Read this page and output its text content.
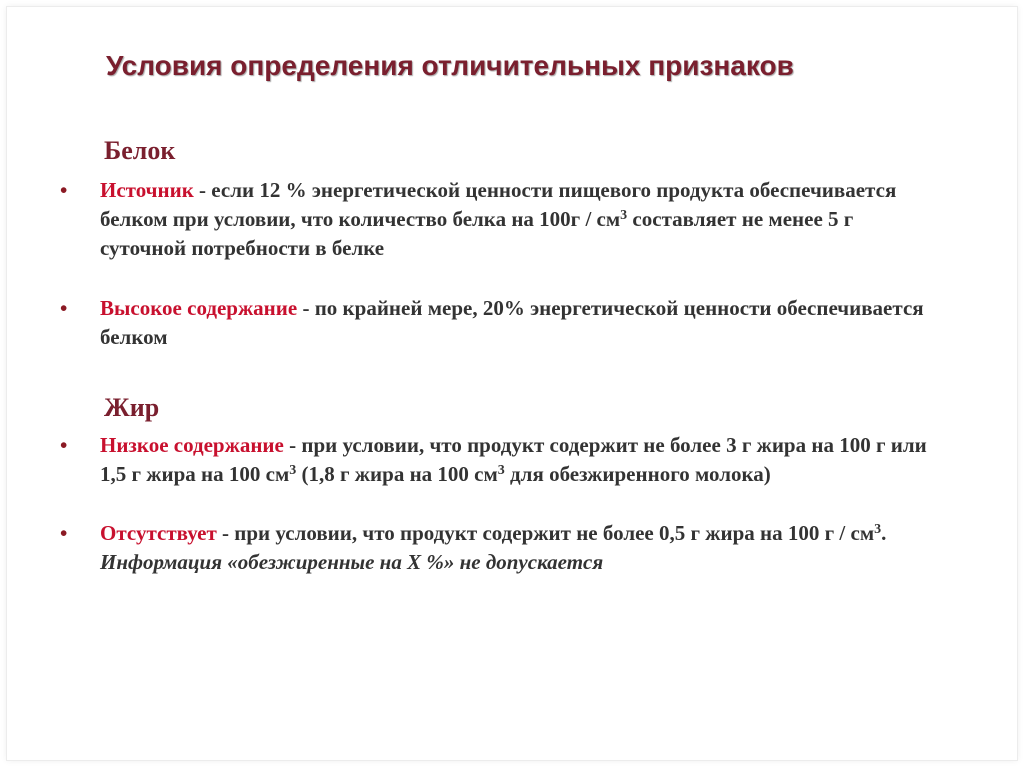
Условия определения отличительных признаков
Белок
•	Источник - если 12 % энергетической ценности пищевого продукта обеспечивается белком при условии, что количество белка на $100г / см^3$ составляет не менее 5 г суточной потребности в белке
•	Высокое содержание - по крайней мере, 20% энергетической ценности обеспечивается белком
Жир
•	Низкое содержание - при условии, что продукт содержит не более 3 г жира на 100 г или 1,5 г жира на 100 $см^3$ (1,8 г жира на 100 $см^3$ для обезжиренного молока)
•	Отсутствует - при условии, что продукт содержит не более 0,5 г жира на 100 г / $см^3$. Информация «обезжиренные на X %» не допускается
